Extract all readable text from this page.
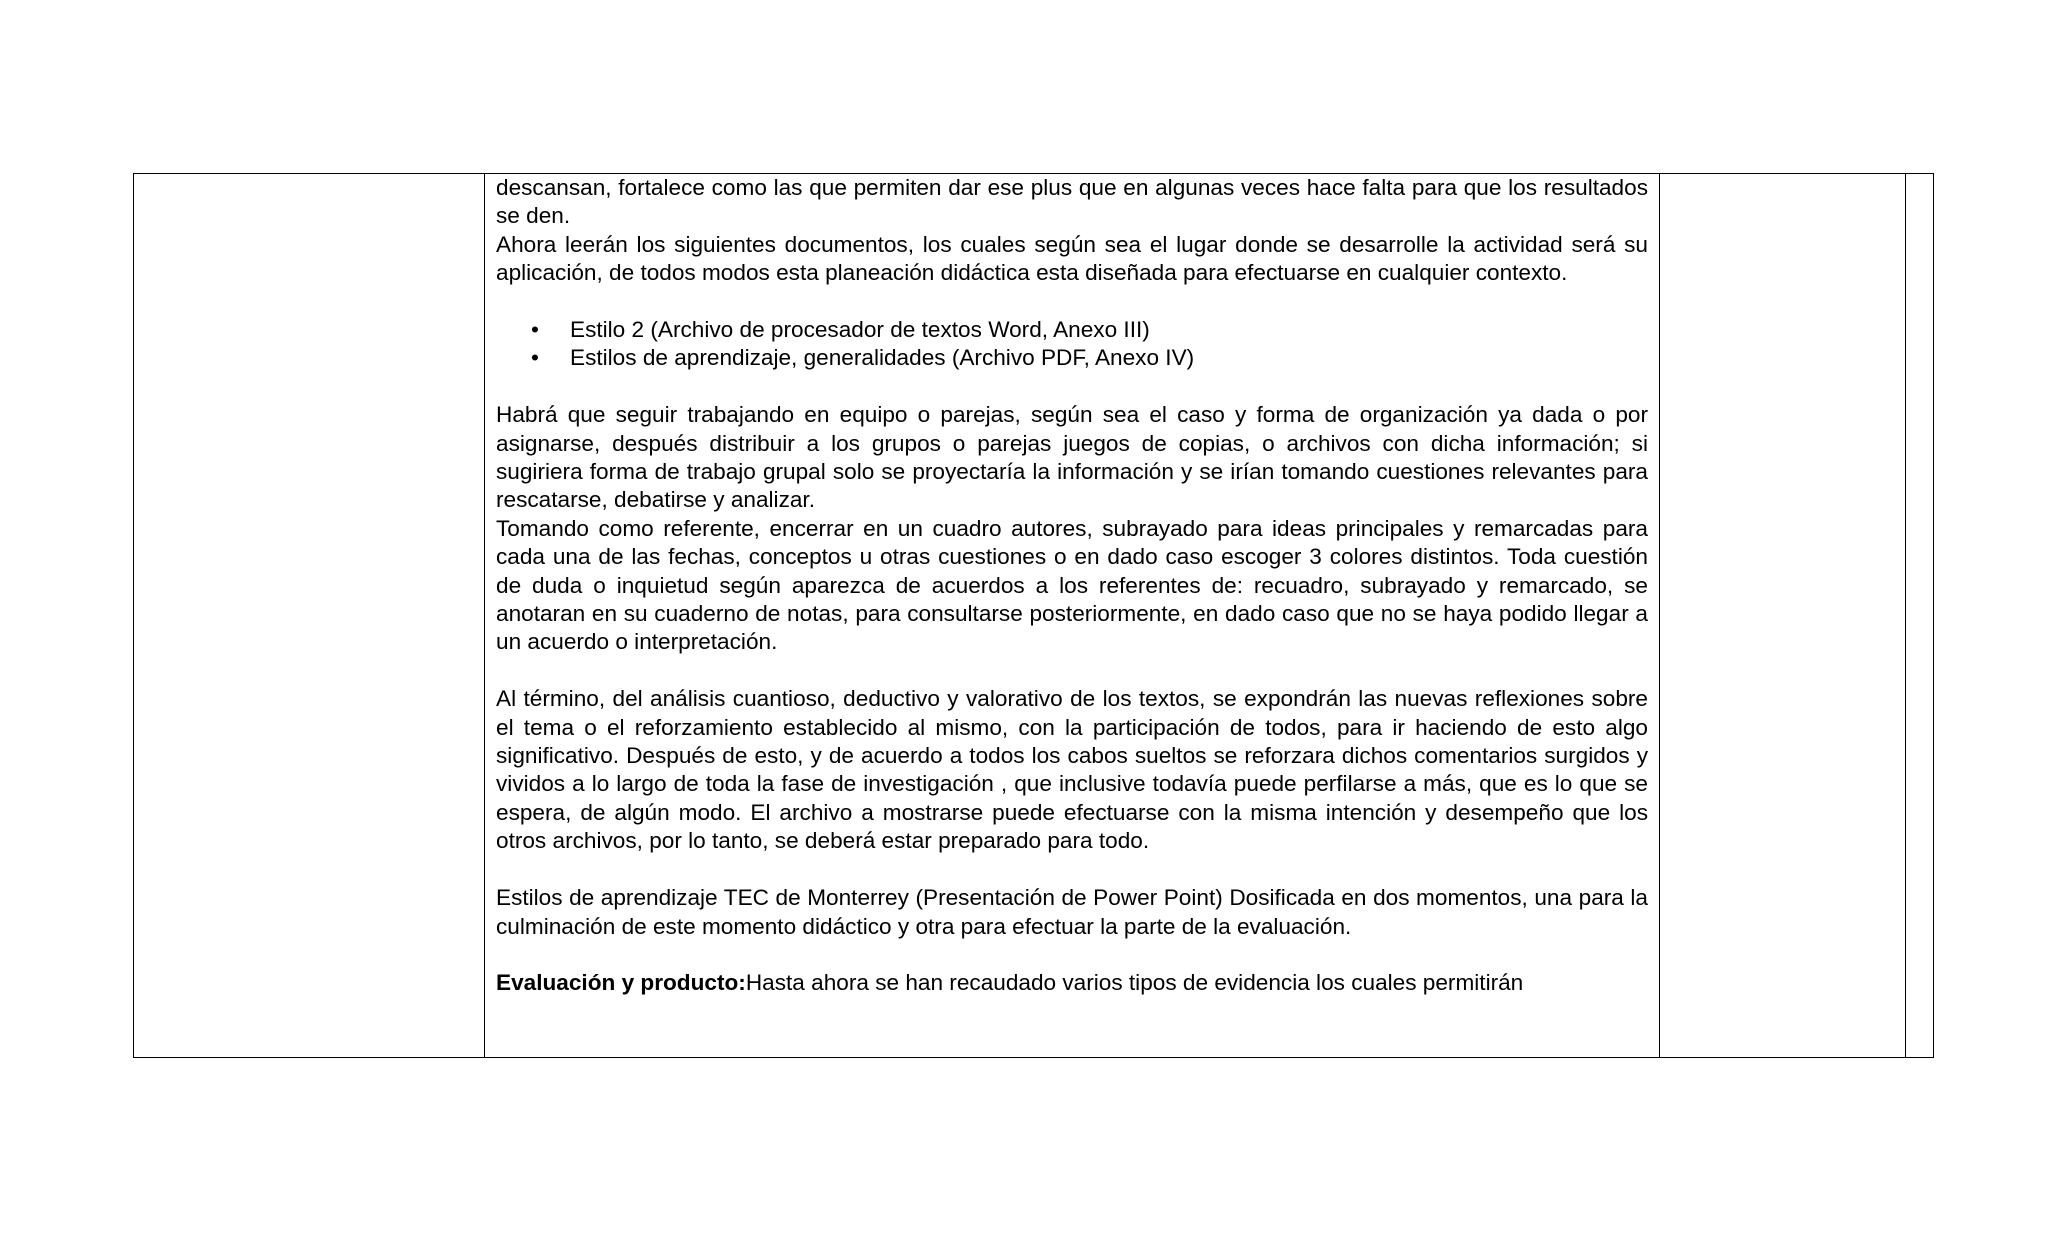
descansan, fortalece como las que permiten dar ese plus que en algunas veces hace falta para que los resultados se den.

Ahora leerán los siguientes documentos, los cuales según sea el lugar donde se desarrolle la actividad será su aplicación, de todos modos esta planeación didáctica esta diseñada para efectuarse en cualquier contexto.

• Estilo 2 (Archivo de procesador de textos Word, Anexo III)
• Estilos de aprendizaje, generalidades (Archivo PDF, Anexo IV)

Habrá que seguir trabajando en equipo o parejas, según sea el caso y forma de organización ya dada o por asignarse, después distribuir a los grupos o parejas juegos de copias, o archivos con dicha información; si sugiriera forma de trabajo grupal solo se proyectaría la información y se irían tomando cuestiones relevantes para rescatarse, debatirse y analizar.

Tomando como referente, encerrar en un cuadro autores, subrayado para ideas principales y remarcadas para cada una de las fechas, conceptos u otras cuestiones o en dado caso escoger 3 colores distintos. Toda cuestión de duda o inquietud según aparezca de acuerdos a los referentes de: recuadro, subrayado y remarcado, se anotaran en su cuaderno de notas, para consultarse posteriormente, en dado caso que no se haya podido llegar a un acuerdo o interpretación.

Al término, del análisis cuantioso, deductivo y valorativo de los textos, se expondrán las nuevas reflexiones sobre el tema o el reforzamiento establecido al mismo, con la participación de todos, para ir haciendo de esto algo significativo. Después de esto, y de acuerdo a todos los cabos sueltos se reforzara dichos comentarios surgidos y vividos a lo largo de toda la fase de investigación , que inclusive todavía puede perfilarse a más, que es lo que se espera, de algún modo. El archivo a mostrarse puede efectuarse con la misma intención y desempeño que los otros archivos, por lo tanto, se deberá estar preparado para todo.

Estilos de aprendizaje TEC de Monterrey (Presentación de Power Point) Dosificada en dos momentos, una para la culminación de este momento didáctico y otra para efectuar la parte de la evaluación.

Evaluación y producto:Hasta ahora se han recaudado varios tipos de evidencia los cuales permitirán
